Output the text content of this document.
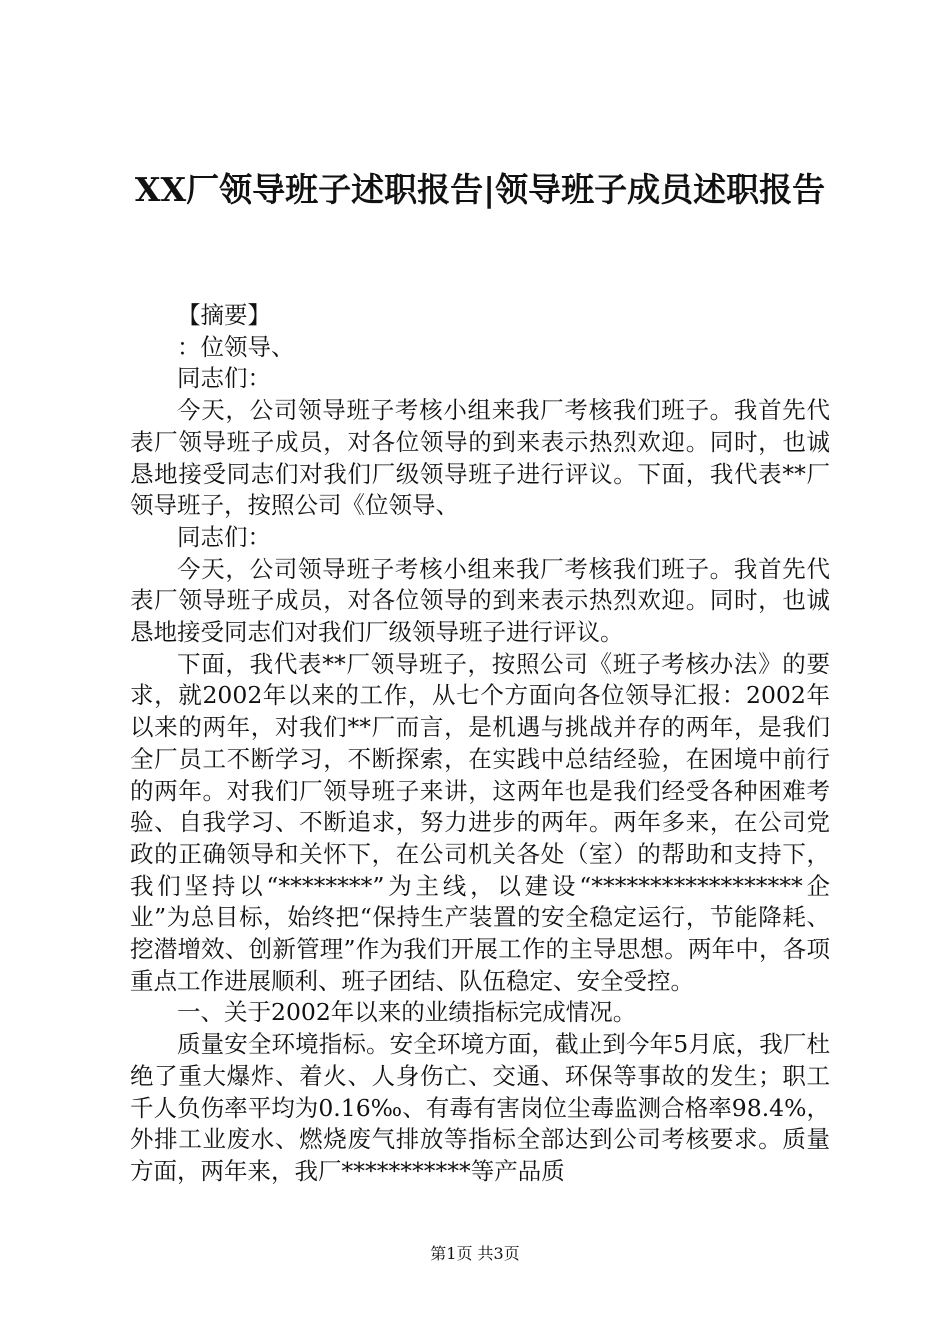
XX厂领导班子述职报告|领导班子成员述职报告

【摘要】

：位领导、

同志们：

今天，公司领导班子考核小组来我厂考核我们班子。我首先代表厂领导班子成员，对各位领导的到来表示热烈欢迎。同时，也诚恳地接受同志们对我们厂级领导班子进行评议。下面，我代表**厂领导班子，按照公司《位领导、

同志们：

今天，公司领导班子考核小组来我厂考核我们班子。我首先代表厂领导班子成员，对各位领导的到来表示热烈欢迎。同时，也诚恳地接受同志们对我们厂级领导班子进行评议。

下面，我代表**厂领导班子，按照公司《班子考核办法》的要求，就2002年以来的工作，从七个方面向各位领导汇报：2002年以来的两年，对我们**厂而言，是机遇与挑战并存的两年，是我们全厂员工不断学习，不断探索，在实践中总结经验，在困境中前行的两年。对我们厂领导班子来讲，这两年也是我们经受各种困难考验、自我学习、不断追求，努力进步的两年。两年多来，在公司党政的正确领导和关怀下，在公司机关各处（室）的帮助和支持下，我们坚持以“********”为主线，以建设“******************企业”为总目标，始终把“保持生产装置的安全稳定运行，节能降耗、挖潜增效、创新管理”作为我们开展工作的主导思想。两年中，各项重点工作进展顺利、班子团结、队伍稳定、安全受控。

一、关于2002年以来的业绩指标完成情况。

质量安全环境指标。安全环境方面，截止到今年5月底，我厂杜绝了重大爆炸、着火、人身伤亡、交通、环保等事故的发生；职工千人负伤率平均为0.16‰、有毒有害岗位尘毒监测合格率98.4%，外排工业废水、燃烧废气排放等指标全部达到公司考核要求。质量方面，两年来，我厂***********等产品质

第1页 共3页
